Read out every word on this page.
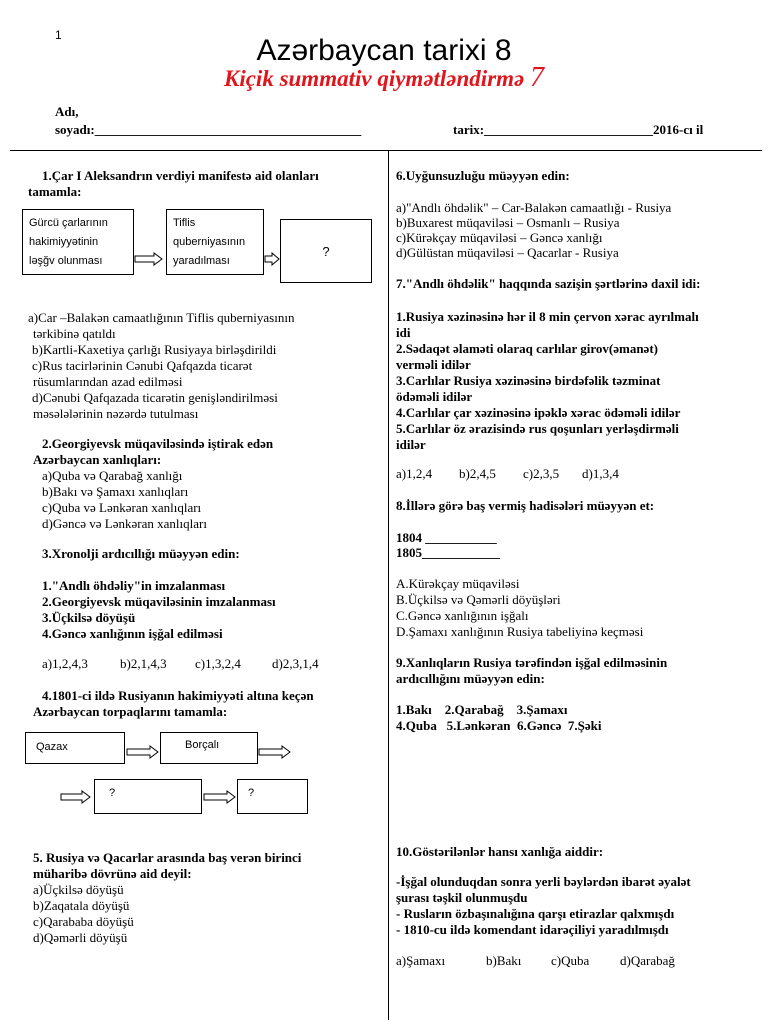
1	Azərbaycan tarixi 8
Kiçik summativ qiymətləndirmə 7
Adı,
soyadı:_________________________________________	tarix:__________________________2016-cı il
1.Çar I Aleksandrın verdiyi manifestə aid olanları
tamamla:
Gürcü çarlarının
hakimiyyətinin
ləşğv olunması
Tiflis
quberniyasının
yaradılması
?
a)Car –Balakən camaatlığının Tiflis quberniyasının
tərkibinə qatıldı
b)Kartli-Kaxetiya çarlığı Rusiyaya birləşdirildi
c)Rus tacirlərinin Cənubi Qafqazda ticarət
rüsumlarından azad edilməsi
d)Cənubi Qafqazada ticarətin genişləndirilməsi
məsələlərinin nəzərdə tutulması
2.Georgiyevsk müqaviləsində iştirak edən
Azərbaycan xanlıqları:
a)Quba və Qarabağ xanlığı
b)Bakı və Şamaxı xanlıqları
c)Quba və Lənkəran xanlıqları
d)Gəncə və Lənkəran xanlıqları
3.Xronolji ardıcıllığı müəyyən edin:
1."Andlı öhdəliy"in imzalanması
2.Georgiyevsk müqaviləsinin imzalanması
3.Üçkilsə döyüşü
4.Gəncə xanlığının işğal edilməsi
a)1,2,4,3 b)2,1,4,3 c)1,3,2,4 d)2,3,1,4
4.1801-ci ildə Rusiyanın hakimiyyəti altına keçən
Azərbaycan torpaqlarını tamamla:
Qazax	Borçalı
?	?
5. Rusiya və Qacarlar arasında baş verən birinci
müharibə dövrünə aid deyil:
a)Üçkilsə döyüşü
b)Zaqatala döyüşü
c)Qarababa döyüşü
d)Qəmərli döyüşü
6.Uyğunsuzluğu müəyyən edin:
a)"Andlı öhdəlik" – Car-Balakən camaatlığı - Rusiya
b)Buxarest müqaviləsi – Osmanlı – Rusiya
c)Kürəkçay müqaviləsi – Gəncə xanlığı
d)Gülüstan müqaviləsi – Qacarlar - Rusiya
7."Andlı öhdəlik" haqqında sazişin şərtlərinə daxil idi:
1.Rusiya xəzinəsinə hər il 8 min çervon xərac ayrılmalı
idi
2.Sədaqət əlaməti olaraq carlılar girov(əmanət)
verməli idilər
3.Carlılar Rusiya xəzinəsinə birdəfəlik təzminat
ödəməli idilər
4.Carlılar çar xəzinəsinə ipəklə xərac ödəməli idilər
5.Carlılar öz ərazisində rus qoşunları yerləşdirməli
idilər
a)1,2,4 b)2,4,5 c)2,3,5 d)1,3,4
8.İllərə görə baş vermiş hadisələri müəyyən et:
1804 ___________
1805____________
A.Kürəkçay müqaviləsi
B.Üçkilsə və Qəmərli döyüşləri
C.Gəncə xanlığının işğalı
D.Şamaxı xanlığının Rusiya tabeliyinə keçməsi
9.Xanlıqların Rusiya tərəfindən işğal edilməsinin
ardıcıllığını müəyyən edin:
1.Bakı    2.Qarabağ    3.Şamaxı
4.Quba   5.Lənkəran  6.Gəncə  7.Şəki
10.Göstərilənlər hansı xanlığa aiddir:
-İşğal olunduqdan sonra yerli bəylərdən ibarət əyalət
şurası təşkil olunmuşdu
- Rusların özbaşınalığına qarşı etirazlar qalxmışdı
- 1810-cu ildə komendant idarəçiliyi yaradılmışdı
a)Şamaxı	b)Bakı c)Quba d)Qarabağ
